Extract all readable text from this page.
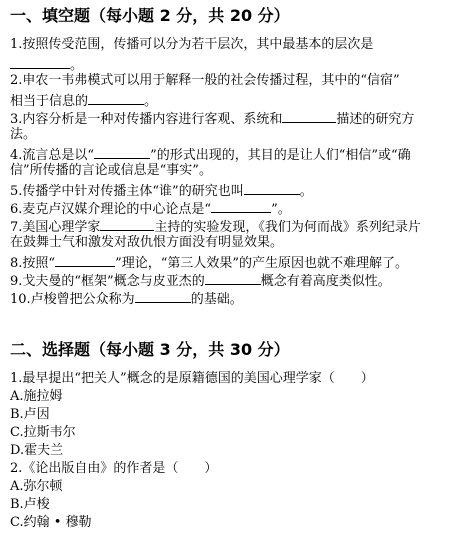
一、填空题（每小题 2 分，共 20 分）
1.按照传受范围，传播可以分为若干层次，其中最基本的层次是
。
2.申农一韦弗模式可以用于解释一般的社会传播过程，其中的“信宿”
相当于信息的	。
3.内容分析是一种对传播内容进行客观、系统和	描述的研究方
法。
4.流言总是以“	”的形式出现的，其目的是让人们“相信”或“确
信”所传播的言论或信息是“事实”。
5.传播学中针对传播主体“谁”的研究也叫	。
6.麦克卢汉媒介理论的中心论点是“	”。
7.美国心理学家	主持的实验发现，《我们为何而战》系列纪录片
在鼓舞士气和激发对敌仇恨方面没有明显效果。
8.按照“	”理论，“第三人效果”的产生原因也就不难理解了。
9.戈夫曼的“框架”概念与皮亚杰的	概念有着高度类似性。
10.卢梭曾把公众称为	的基础。
二、选择题（每小题 3 分，共 30 分）
1.最早提出“把关人”概念的是原籍德国的美国心理学家（　　）
A.施拉姆
B.卢因
C.拉斯韦尔
D.霍夫兰
2.《论出版自由》的作者是（　　）
A.弥尔顿
B.卢梭
C.约翰 • 穆勒
